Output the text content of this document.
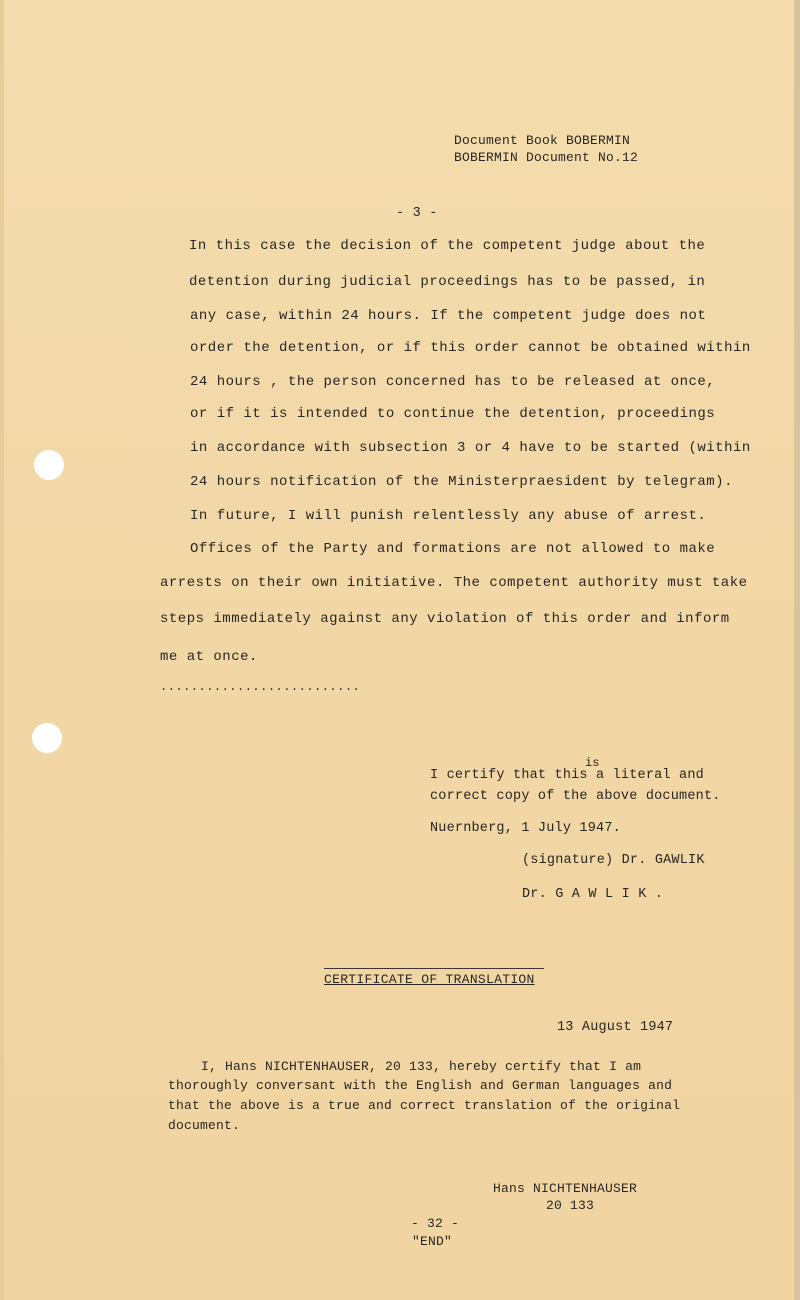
Document Book BOBERMIN
BOBERMIN Document No.12
- 3 -
In this case the decision of the competent judge about the
detention during judicial proceedings has to be passed, in
any case, within 24 hours. If the competent judge does not
order the detention, or if this order cannot be obtained within
24 hours , the person concerned has to be released at once,
or if it is intended to continue the detention, proceedings
in accordance with subsection 3 or 4 have to be started (within
24 hours notification of the Ministerpraesident by telegram).
In future, I will punish relentlessly any abuse of arrest.
Offices of the Party and formations are not allowed to make
arrests on their own initiative. The competent authority must take
steps immediately against any violation of this order and inform
me at once.
..........................
is
I certify that this a literal and
correct copy of the above document.
Nuernberg, 1 July 1947.
(signature) Dr. GAWLIK
Dr. G A W L I K .
CERTIFICATE OF TRANSLATION
13 August 1947
I, Hans NICHTENHAUSER, 20 133, hereby certify that I am
thoroughly conversant with the English and German languages and
that the above is a true and correct translation of the original
document.
Hans NICHTENHAUSER
20 133
- 32 -
"END"
